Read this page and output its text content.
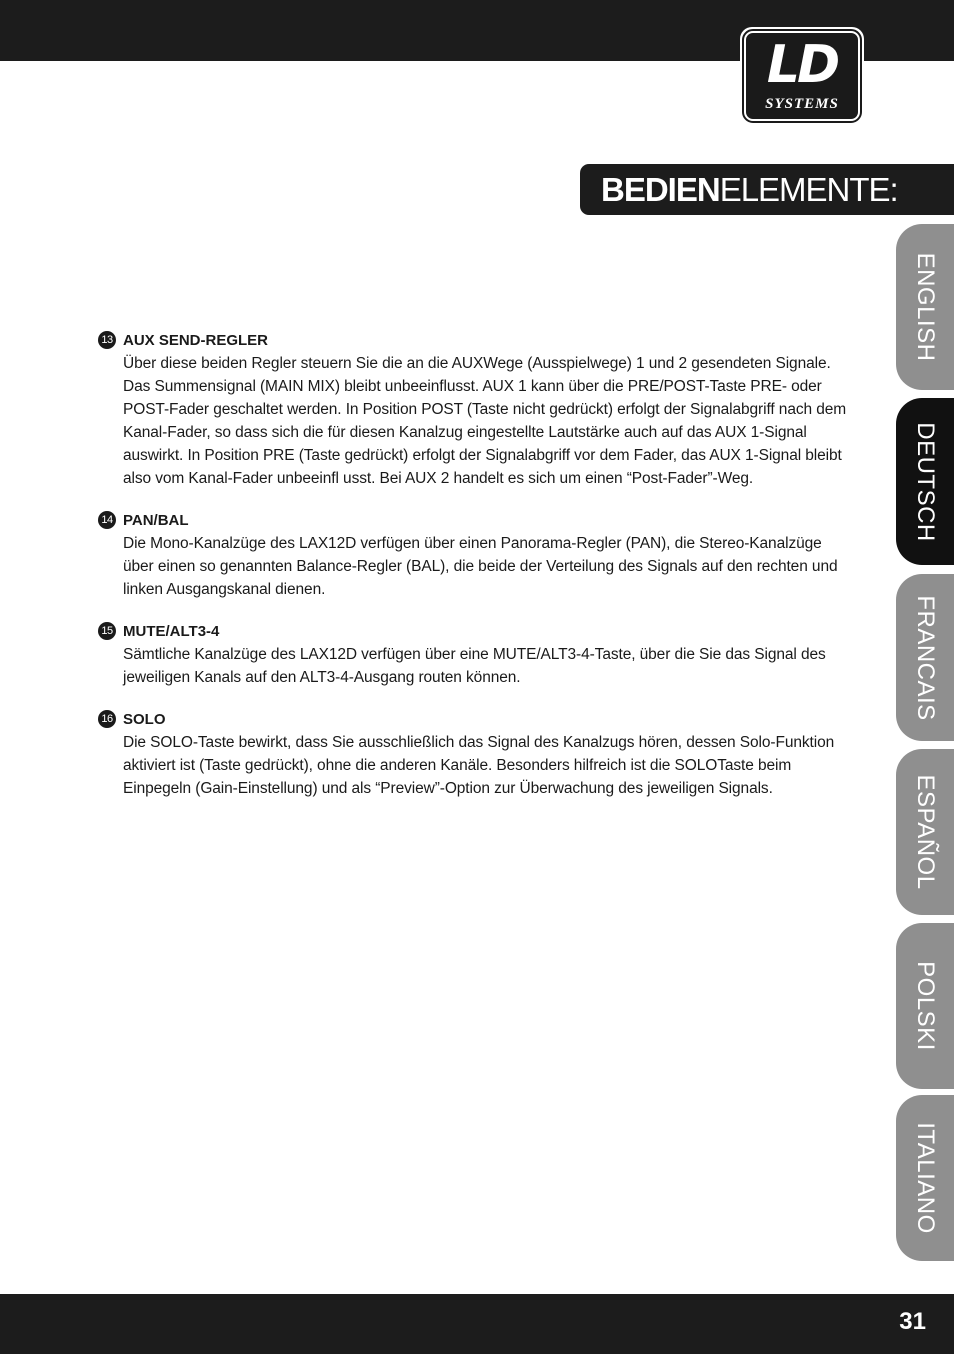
LD
SYSTEMS
BEDIENELEMENTE:
ENGLISH
DEUTSCH
FRANCAIS
ESPAÑOL
POLSKI
ITALIANO
13 AUX SEND-REGLER
Über diese beiden Regler steuern Sie die an die AUXWege (Ausspielwege) 1 und 2 gesendeten Signale. Das Summensignal (MAIN MIX) bleibt unbeeinflusst. AUX 1 kann über die PRE/POST-Taste PRE- oder POST-Fader geschaltet werden. In Position POST (Taste nicht gedrückt) erfolgt der Signalabgriff nach dem Kanal-Fader, so dass sich die für diesen Kanalzug eingestellte Lautstärke auch auf das AUX 1-Signal auswirkt. In Position PRE (Taste gedrückt) erfolgt der Signalabgriff vor dem Fader, das AUX 1-Signal bleibt also vom Kanal-Fader unbeeinfl usst. Bei AUX 2 handelt es sich um einen “Post-Fader”-Weg.
14 PAN/BAL
Die Mono-Kanalzüge des LAX12D verfügen über einen Panorama-Regler (PAN), die Stereo-Kanalzüge über einen so genannten Balance-Regler (BAL), die beide der Verteilung des Signals auf den rechten und linken Ausgangskanal dienen.
15 MUTE/ALT3-4
Sämtliche Kanalzüge des LAX12D verfügen über eine MUTE/ALT3-4-Taste, über die Sie das Signal des jeweiligen Kanals auf den ALT3-4-Ausgang routen können.
16 SOLO
Die SOLO-Taste bewirkt, dass Sie ausschließlich das Signal des Kanalzugs hören, dessen Solo-Funktion aktiviert ist (Taste gedrückt), ohne die anderen Kanäle. Besonders hilfreich ist die SOLOTaste beim Einpegeln (Gain-Einstellung) und als “Preview”-Option zur Überwachung des jeweiligen Signals.
31
